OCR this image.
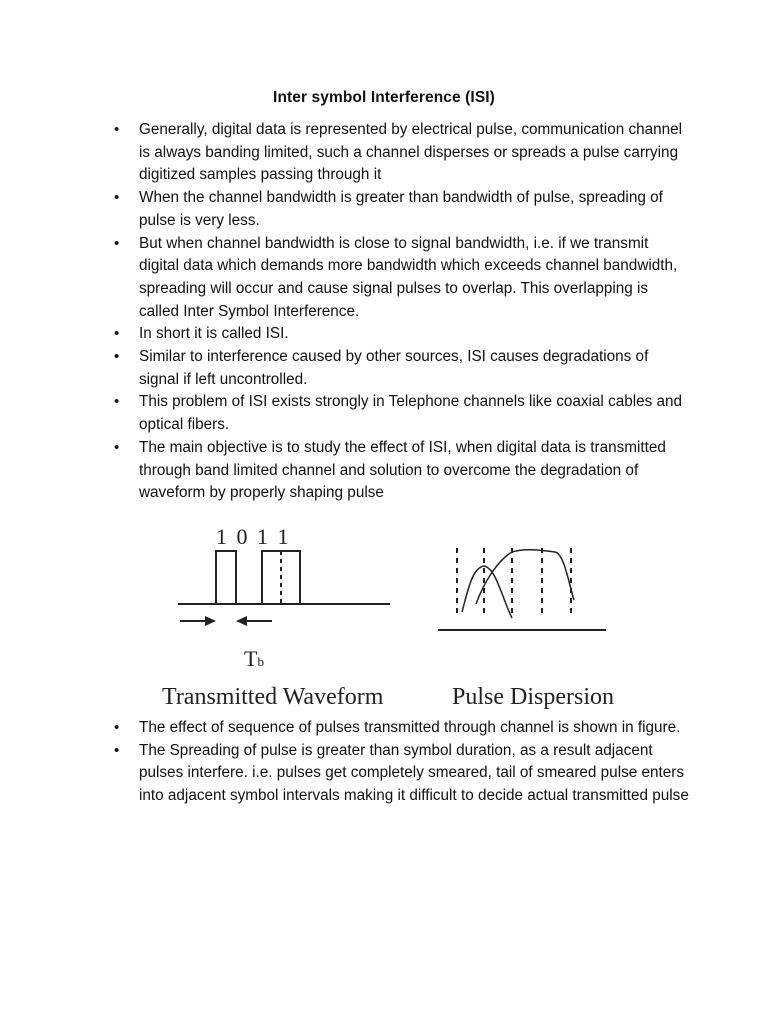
Inter symbol Interference (ISI)
• Generally, digital data is represented by electrical pulse, communication channel is always banding limited, such a channel disperses or spreads a pulse carrying digitized samples passing through it
• When the channel bandwidth is greater than bandwidth of pulse, spreading of pulse is very less.
• But when channel bandwidth is close to signal bandwidth, i.e. if we transmit digital data which demands more bandwidth which exceeds channel bandwidth, spreading will occur and cause signal pulses to overlap. This overlapping is called Inter Symbol Interference.
• In short it is called ISI.
• Similar to interference caused by other sources, ISI causes degradations of signal if left uncontrolled.
• This problem of ISI exists strongly in Telephone channels like coaxial cables and optical fibers.
• The main objective is to study the effect of ISI, when digital data is transmitted through band limited channel and solution to overcome the degradation of waveform by properly shaping pulse
1 0 1 1
Tb
Transmitted Waveform	Pulse Dispersion
• The effect of sequence of pulses transmitted through channel is shown in figure.
• The Spreading of pulse is greater than symbol duration, as a result adjacent pulses interfere. i.e. pulses get completely smeared, tail of smeared pulse enters into adjacent symbol intervals making it difficult to decide actual transmitted pulse
